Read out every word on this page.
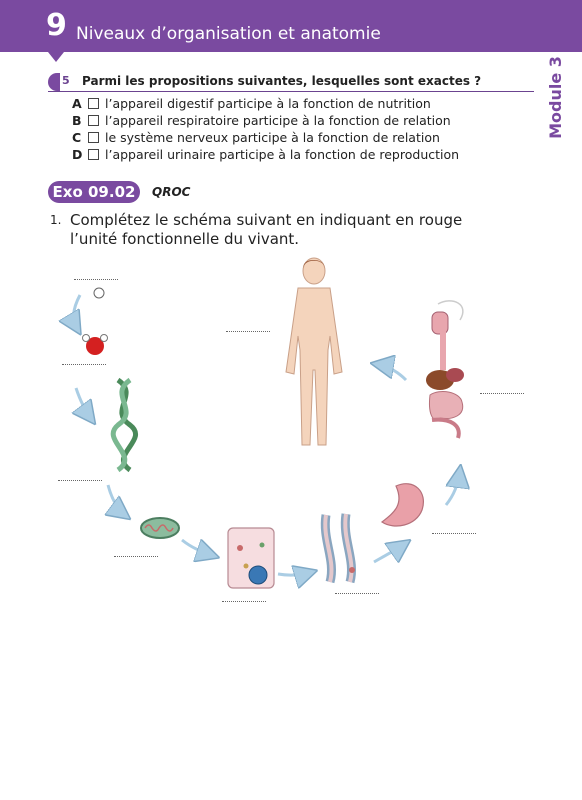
9 Niveaux d’organisation et anatomie
Module 3
5 Parmi les propositions suivantes, lesquelles sont exactes ?
A	l’appareil digestif participe à la fonction de nutrition
B	l’appareil respiratoire participe à la fonction de relation
C	le système nerveux participe à la fonction de relation
D l’appareil urinaire participe à la fonction de reproduction
Exo 09.02	QROC
1. Complétez le schéma suivant en indiquant en rouge l’unité fonctionnelle du vivant.
